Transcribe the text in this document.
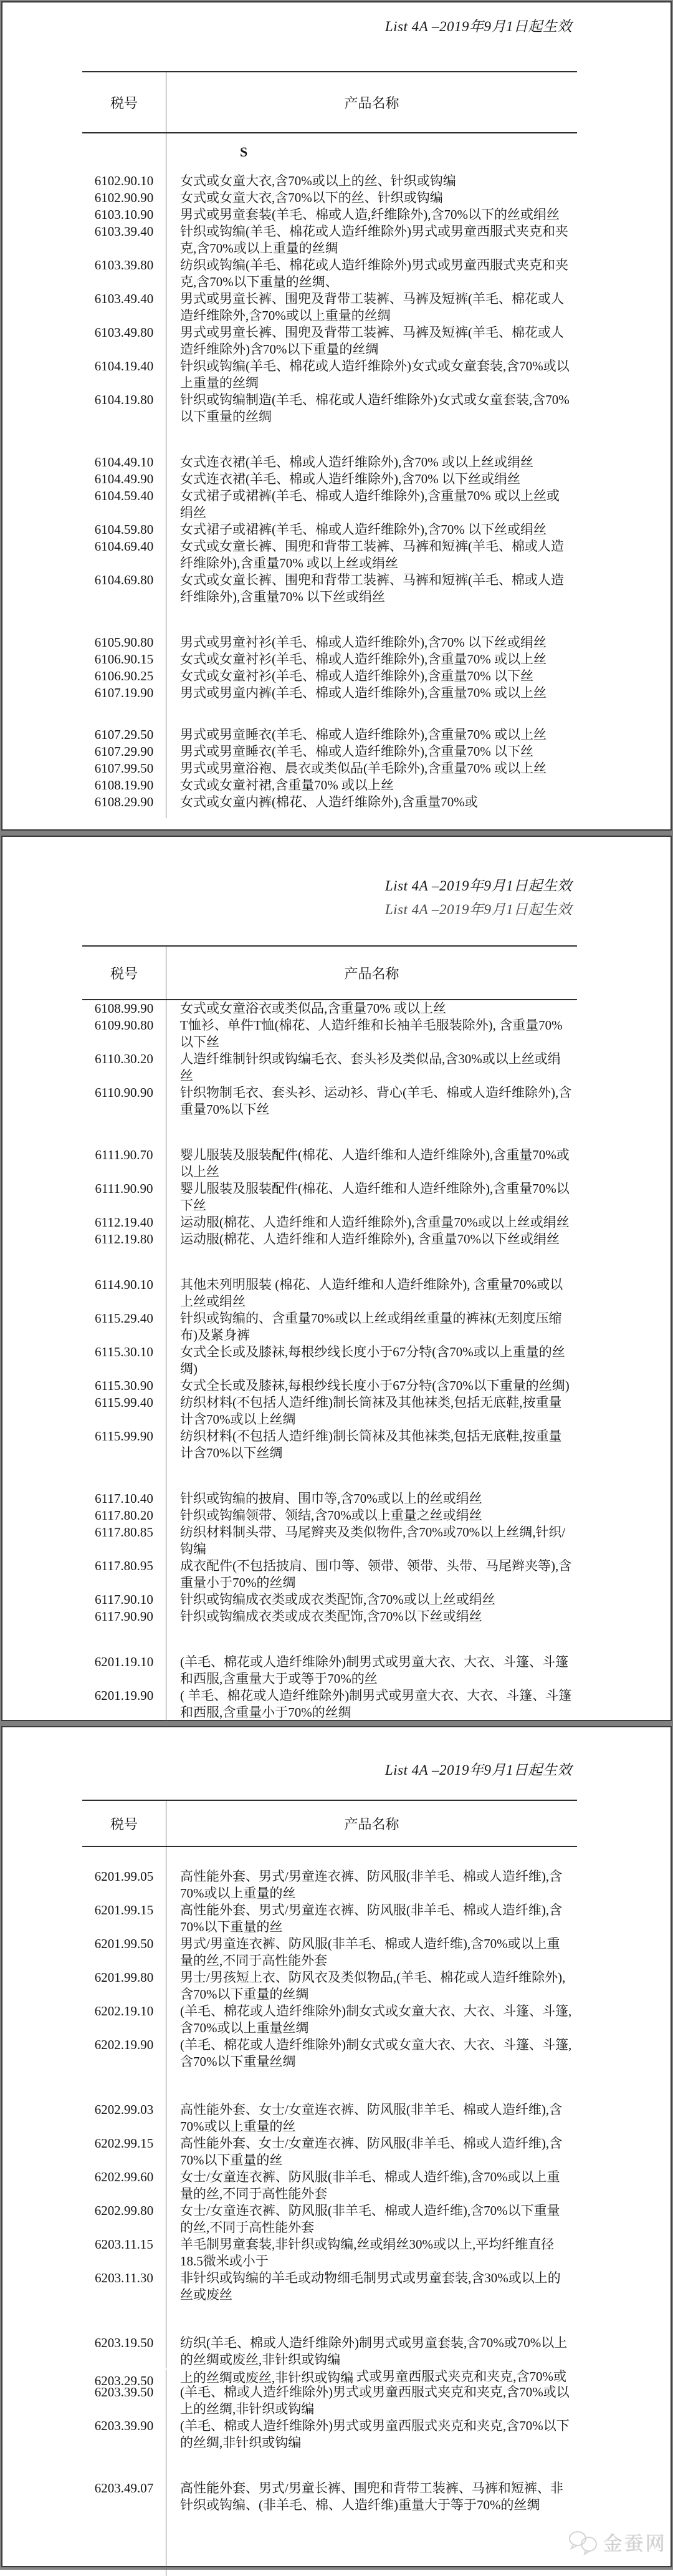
List 4A –2019年9月1日起生效
税号	产品名称
S
6102.90.10	女式或女童大衣,含70%或以上的丝、针织或钩编
6102.90.90	女式或女童大衣,含70%以下的丝、针织或钩编
6103.10.90	男式或男童套装(羊毛、棉或人造,纤维除外),含70%以下的丝或绢丝
6103.39.40	针织或钩编(羊毛、棉花或人造纤维除外)男式或男童西服式夹克和夹克,含70%或以上重量的丝绸
6103.39.80	纺织或钩编(羊毛、棉花或人造纤维除外)男式或男童西服式夹克和夹克,含70%以下重量的丝绸、
6103.49.40	男式或男童长裤、围兜及背带工装裤、马裤及短裤(羊毛、棉花或人造纤维除外,含70%或以上重量的丝绸
6103.49.80	男式或男童长裤、围兜及背带工装裤、马裤及短裤(羊毛、棉花或人造纤维除外)含70%以下重量的丝绸
6104.19.40	针织或钩编(羊毛、棉花或人造纤维除外)女式或女童套装,含70%或以上重量的丝绸
6104.19.80	针织或钩编制造(羊毛、棉花或人造纤维除外)女式或女童套装,含70%以下重量的丝绸
6104.49.10	女式连衣裙(羊毛、棉或人造纤维除外),含70% 或以上丝或绢丝
6104.49.90	女式连衣裙(羊毛、棉或人造纤维除外),含70% 以下丝或绢丝
6104.59.40	女式裙子或裙裤(羊毛、棉或人造纤维除外),含重量70% 或以上丝或绢丝
6104.59.80	女式裙子或裙裤(羊毛、棉或人造纤维除外),含70% 以下丝或绢丝
6104.69.40	女式或女童长裤、围兜和背带工装裤、马裤和短裤(羊毛、棉或人造纤维除外),含重量70% 或以上丝或绢丝
6104.69.80	女式或女童长裤、围兜和背带工装裤、马裤和短裤(羊毛、棉或人造纤维除外),含重量70% 以下丝或绢丝
6105.90.80	男式或男童衬衫(羊毛、棉或人造纤维除外),含70% 以下丝或绢丝
6106.90.15	女式或女童衬衫(羊毛、棉或人造纤维除外),含重量70% 或以上丝
6106.90.25	女式或女童衬衫(羊毛、棉或人造纤维除外),含重量70% 以下丝
6107.19.90	男式或男童内裤(羊毛、棉或人造纤维除外),含重量70% 或以上丝
6107.29.50	男式或男童睡衣(羊毛、棉或人造纤维除外),含重量70% 或以上丝
6107.29.90	男式或男童睡衣(羊毛、棉或人造纤维除外),含重量70% 以下丝
6107.99.50	男式或男童浴袍、晨衣或类似品(羊毛除外),含重量70% 或以上丝
6108.19.90	女式或女童衬裙,含重量70% 或以上丝
6108.29.90	女式或女童内裤(棉花、人造纤维除外),含重量70%或
List 4A –2019年9月1日起生效
List 4A –2019年9月1日起生效
税号	产品名称
6108.99.90	女式或女童浴衣或类似品,含重量70% 或以上丝
6109.90.80	T恤衫、单件T恤(棉花、人造纤维和长袖羊毛服装除外), 含重量70%以下丝
6110.30.20	人造纤维制针织或钩编毛衣、套头衫及类似品,含30%或以上丝或绢丝
6110.90.90	针织物制毛衣、套头衫、运动衫、背心(羊毛、棉或人造纤维除外),含重量70%以下丝
6111.90.70	婴儿服装及服装配件(棉花、人造纤维和人造纤维除外),含重量70%或以上丝
6111.90.90	婴儿服装及服装配件(棉花、人造纤维和人造纤维除外),含重量70%以下丝
6112.19.40	运动服(棉花、人造纤维和人造纤维除外),含重量70%或以上丝或绢丝
6112.19.80	运动服(棉花、人造纤维和人造纤维除外), 含重量70%以下丝或绢丝
6114.90.10	其他未列明服装 (棉花、人造纤维和人造纤维除外), 含重量70%或以上丝或绢丝
6115.29.40	针织或钩编的、含重量70%或以上丝或绢丝重量的裤袜(无刻度压缩布)及紧身裤
6115.30.10	女式全长或及膝袜,每根纱线长度小于67分特(含70%或以上重量的丝绸)
6115.30.90	女式全长或及膝袜,每根纱线长度小于67分特(含70%以下重量的丝绸)
6115.99.40	纺织材料(不包括人造纤维)制长筒袜及其他袜类,包括无底鞋,按重量计含70%或以上丝绸
6115.99.90	纺织材料(不包括人造纤维)制长筒袜及其他袜类,包括无底鞋,按重量计含70%以下丝绸
6117.10.40	针织或钩编的披肩、围巾等,含70%或以上的丝或绢丝
6117.80.20	针织或钩编领带、领结,含70%或以上重量之丝或绢丝
6117.80.85	纺织材料制头带、马尾辫夹及类似物件,含70%或70%以上丝绸,针织/钩编
6117.80.95	成衣配件(不包括披肩、围巾等、领带、领带、头带、马尾辫夹等),含重量小于70%的丝绸
6117.90.10	针织或钩编成衣类或成衣类配饰,含70%或以上丝或绢丝
6117.90.90	针织或钩编成衣类或成衣类配饰,含70%以下丝或绢丝
6201.19.10	(羊毛、棉花或人造纤维除外)制男式或男童大衣、大衣、斗篷、斗篷和西服,含重量大于或等于70%的丝
6201.19.90	( 羊毛、棉花或人造纤维除外)制男式或男童大衣、大衣、斗篷、斗篷和西服,含重量小于70%的丝绸
List 4A –2019年9月1日起生效
税号	产品名称
6201.99.05	高性能外套、男式/男童连衣裤、防风服(非羊毛、棉或人造纤维),含70%或以上重量的丝
6201.99.15	高性能外套、男式/男童连衣裤、防风服(非羊毛、棉或人造纤维),含70%以下重量的丝
6201.99.50	男式/男童连衣裤、防风服(非羊毛、棉或人造纤维),含70%或以上重量的丝,不同于高性能外套
6201.99.80	男士/男孩短上衣、防风衣及类似物品,(羊毛、棉花或人造纤维除外),含70%以下重量的丝绸
6202.19.10	(羊毛、棉花或人造纤维除外)制女式或女童大衣、大衣、斗篷、斗篷,含70%或以上重量丝绸
6202.19.90	(羊毛、棉花或人造纤维除外)制女式或女童大衣、大衣、斗篷、斗篷,含70%以下重量丝绸
6202.99.03	高性能外套、女士/女童连衣裤、防风服(非羊毛、棉或人造纤维),含70%或以上重量的丝
6202.99.15	高性能外套、女士/女童连衣裤、防风服(非羊毛、棉或人造纤维),含70%以下重量的丝
6202.99.60	女士/女童连衣裤、防风服(非羊毛、棉或人造纤维),含70%或以上重量的丝,不同于高性能外套
6202.99.80	女士/女童连衣裤、防风服(非羊毛、棉或人造纤维),含70%以下重量的丝,不同于高性能外套
6203.11.15	羊毛制男童套装,非针织或钩编,丝或绢丝30%或以上,平均纤维直径18.5微米或小于
6203.11.30	非针织或钩编的羊毛或动物细毛制男式或男童套装,含30%或以上的丝或废丝
6203.19.50	纺织(羊毛、棉或人造纤维除外)制男式或男童套装,含70%或70%以上的丝绸或废丝,非针织或钩编
6203.29.50	上的丝绸或废丝,非针织或钩编 式或男童西服式夹克和夹克,含70%或
6203.39.50	(羊毛、棉或人造纤维除外)男式或男童西服式夹克和夹克,含70%或以上的丝绸,非针织或钩编
6203.39.90	(羊毛、棉或人造纤维除外)男式或男童西服式夹克和夹克,含70%以下的丝绸,非针织或钩编
6203.49.07	高性能外套、男式/男童长裤、围兜和背带工装裤、马裤和短裤、非针织或钩编、(非羊毛、棉、人造纤维)重量大于等于70%的丝绸
金蚕网
